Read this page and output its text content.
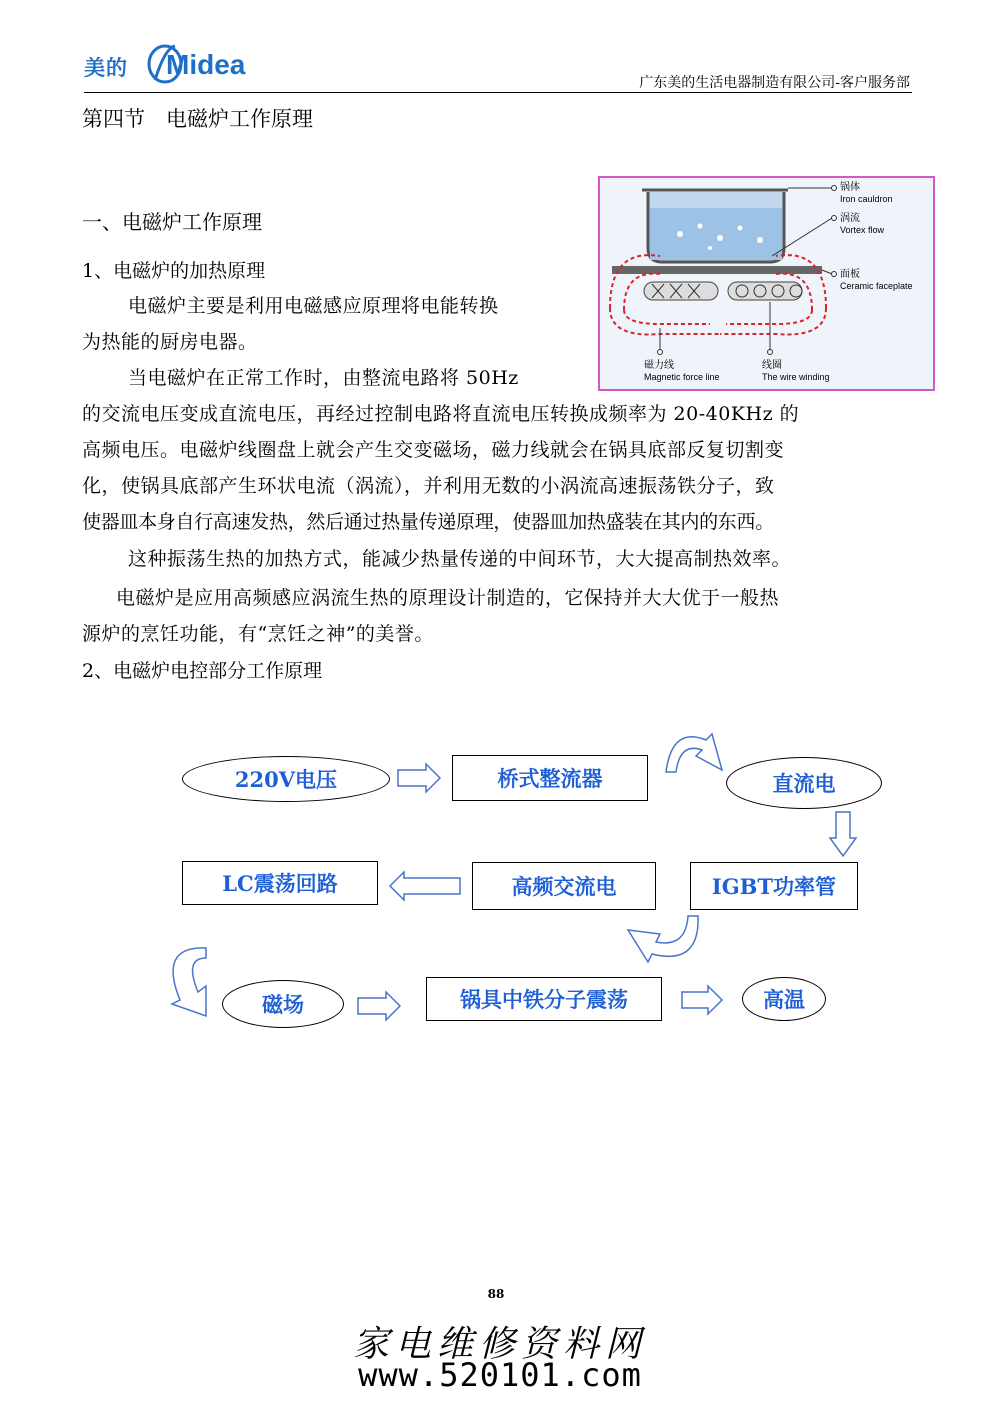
美的 Midea
广东美的生活电器制造有限公司-客户服务部
第四节　电磁炉工作原理
一、电磁炉工作原理
1、电磁炉的加热原理
电磁炉主要是利用电磁感应原理将电能转换
为热能的厨房电器。
当电磁炉在正常工作时，由整流电路将 50Hz
的交流电压变成直流电压，再经过控制电路将直流电压转换成频率为 20-40KHz 的
高频电压。电磁炉线圈盘上就会产生交变磁场，磁力线就会在锅具底部反复切割变
化，使锅具底部产生环状电流（涡流），并利用无数的小涡流高速振荡铁分子，致
使器皿本身自行高速发热，然后通过热量传递原理，使器皿加热盛装在其内的东西。
这种振荡生热的加热方式，能减少热量传递的中间环节，大大提高制热效率。
电磁炉是应用高频感应涡流生热的原理设计制造的，它保持并大大优于一般热
源炉的烹饪功能，有“烹饪之神”的美誉。
2、电磁炉电控部分工作原理
锅体
Iron cauldron
涡流
Vortex flow
面板
Ceramic faceplate
磁力线
Magnetic force line
线圈
The wire winding
220V电压	桥式整流器	直流电
IGBT功率管
高频交流电
LC震荡回路
磁场	锅具中铁分子震荡	高温
88
家电维修资料网
www.520101.com
